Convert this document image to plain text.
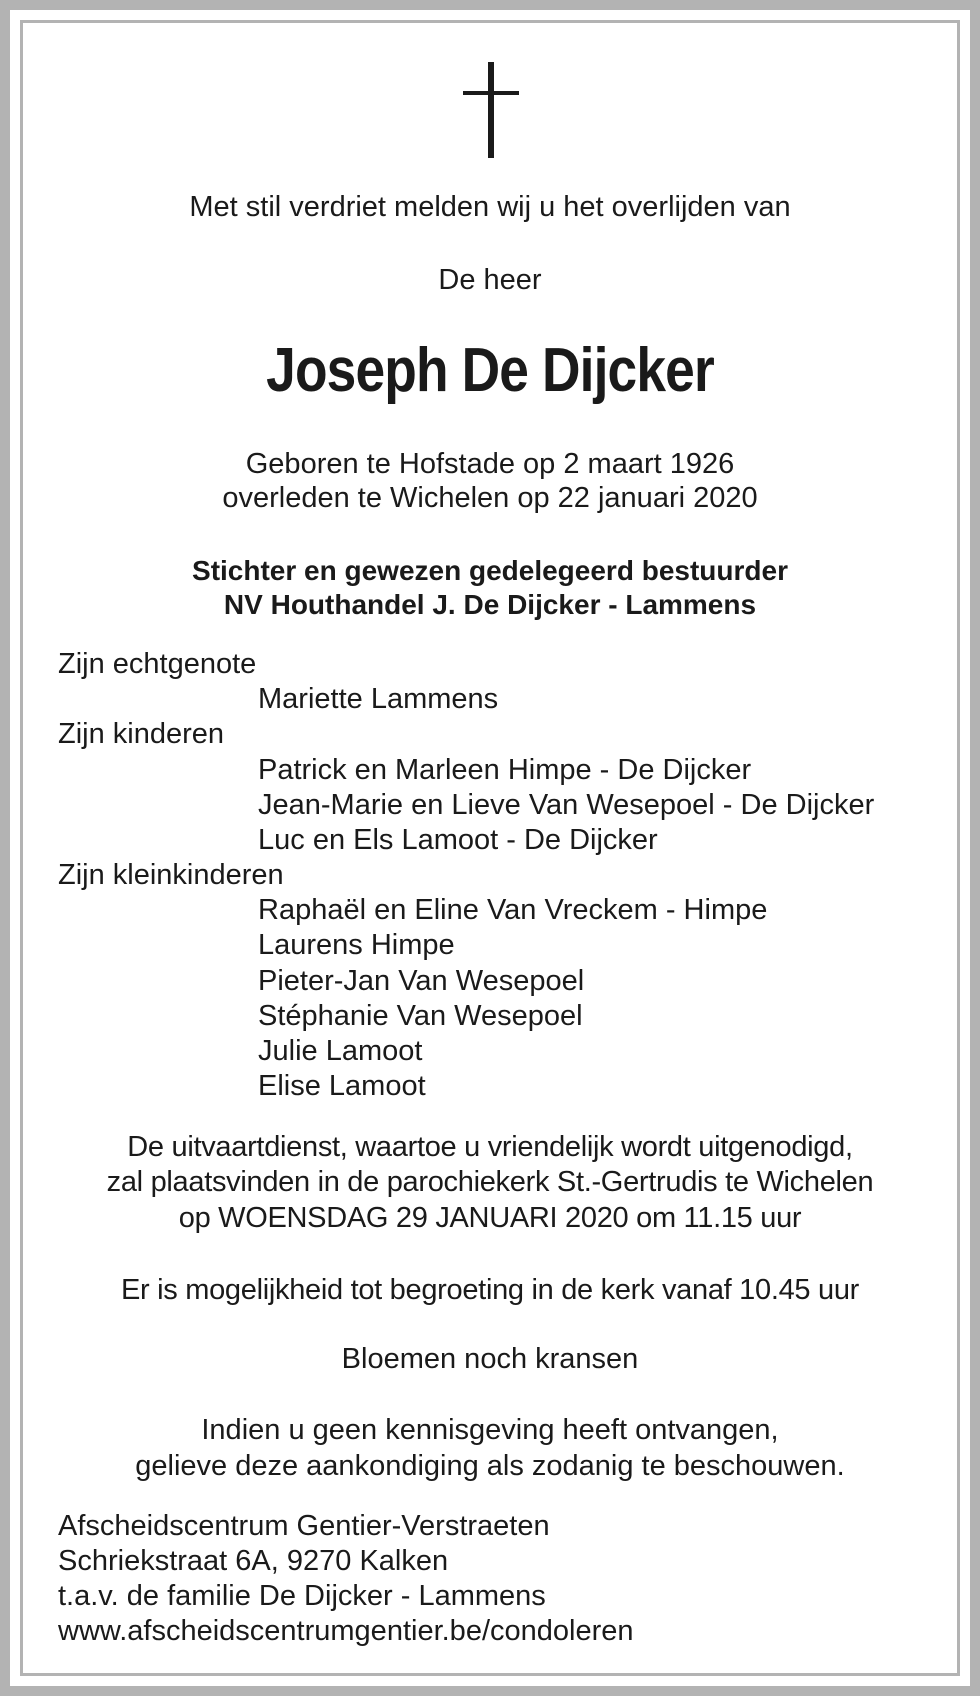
Met stil verdriet melden wij u het overlijden van
De heer
Joseph De Dijcker
Geboren te Hofstade op 2 maart 1926
overleden te Wichelen op 22 januari 2020
Stichter en gewezen gedelegeerd bestuurder
NV Houthandel J. De Dijcker - Lammens
Zijn echtgenote
Mariette Lammens
Zijn kinderen
Patrick en Marleen Himpe - De Dijcker
Jean-Marie en Lieve Van Wesepoel - De Dijcker
Luc en Els Lamoot - De Dijcker
Zijn kleinkinderen
Raphaël en Eline Van Vreckem - Himpe
Laurens Himpe
Pieter-Jan Van Wesepoel
Stéphanie Van Wesepoel
Julie Lamoot
Elise Lamoot
De uitvaartdienst, waartoe u vriendelijk wordt uitgenodigd,
zal plaatsvinden in de parochiekerk St.-Gertrudis te Wichelen
op WOENSDAG 29 JANUARI 2020 om 11.15 uur
Er is mogelijkheid tot begroeting in de kerk vanaf 10.45 uur
Bloemen noch kransen
Indien u geen kennisgeving heeft ontvangen,
gelieve deze aankondiging als zodanig te beschouwen.
Afscheidscentrum Gentier-Verstraeten
Schriekstraat 6A, 9270 Kalken
t.a.v. de familie De Dijcker - Lammens
www.afscheidscentrumgentier.be/condoleren
